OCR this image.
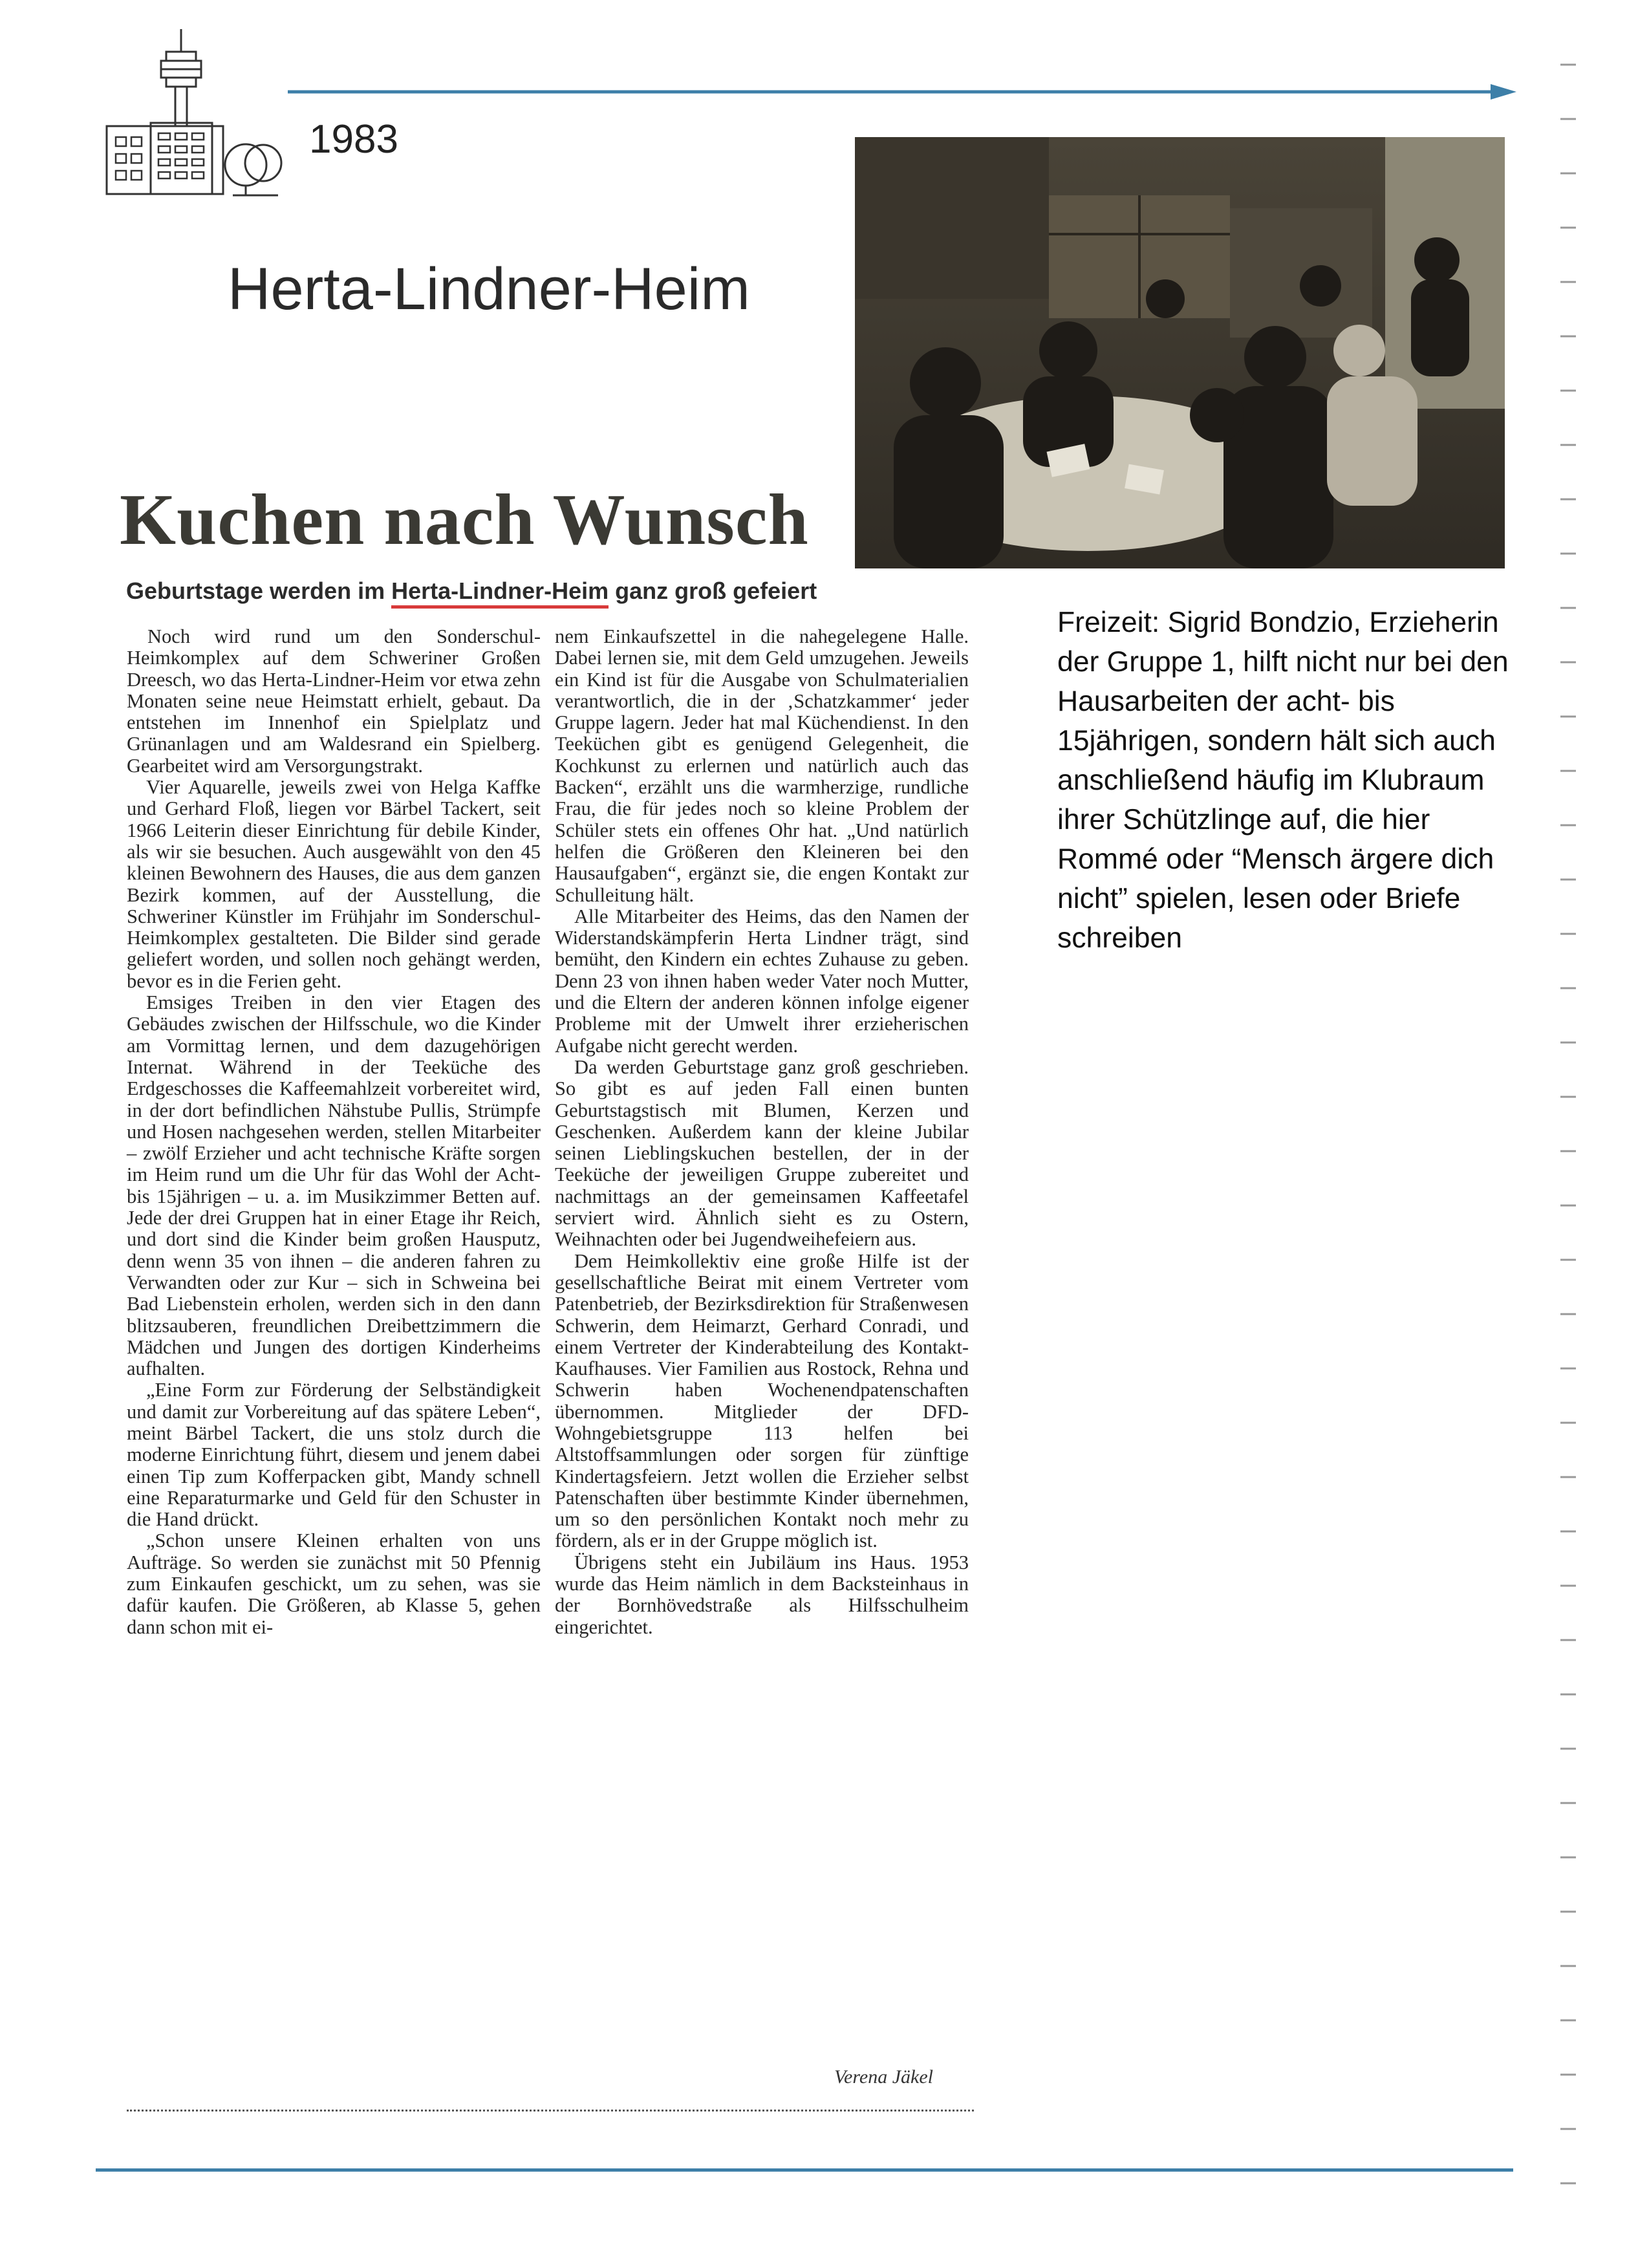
1983
Herta-Lindner-Heim
Kuchen nach Wunsch
Geburtstage werden im Herta-Lindner-Heim ganz groß gefeiert
Freizeit: Sigrid Bondzio, Erzieherin der Gruppe 1, hilft nicht nur bei den Hausarbeiten der acht- bis 15jährigen, sondern hält sich auch anschließend häufig im Klubraum ihrer Schützlinge auf, die hier Rommé oder “Mensch ärgere dich nicht” spielen, lesen oder Briefe schreiben

Noch wird rund um den Sonderschul-Heimkomplex auf dem Schweriner Großen Dreesch, wo das Herta-Lindner-Heim vor etwa zehn Monaten seine neue Heimstatt erhielt, gebaut. Da entstehen im Innenhof ein Spielplatz und Grünanlagen und am Waldesrand ein Spielberg. Gearbeitet wird am Versorgungstrakt.

Vier Aquarelle, jeweils zwei von Helga Kaffke und Gerhard Floß, liegen vor Bärbel Tackert, seit 1966 Leiterin dieser Einrichtung für debile Kinder, als wir sie besuchen. Auch ausgewählt von den 45 kleinen Bewohnern des Hauses, die aus dem ganzen Bezirk kommen, auf der Ausstellung, die Schweriner Künstler im Frühjahr im Sonderschul-Heimkomplex gestalteten. Die Bilder sind gerade geliefert worden, und sollen noch gehängt werden, bevor es in die Ferien geht.

Emsiges Treiben in den vier Etagen des Gebäudes zwischen der Hilfsschule, wo die Kinder am Vormittag lernen, und dem dazugehörigen Internat. Während in der Teeküche des Erdgeschosses die Kaffeemahlzeit vorbereitet wird, in der dort befindlichen Nähstube Pullis, Strümpfe und Hosen nachgesehen werden, stellen Mitarbeiter – zwölf Erzieher und acht technische Kräfte sorgen im Heim rund um die Uhr für das Wohl der Acht- bis 15jährigen – u. a. im Musikzimmer Betten auf. Jede der drei Gruppen hat in einer Etage ihr Reich, und dort sind die Kinder beim großen Hausputz, denn wenn 35 von ihnen – die anderen fahren zu Verwandten oder zur Kur – sich in Schweina bei Bad Liebenstein erholen, werden sich in den dann blitzsauberen, freundlichen Dreibettzimmern die Mädchen und Jungen des dortigen Kinderheims aufhalten.

„Eine Form zur Förderung der Selbständigkeit und damit zur Vorbereitung auf das spätere Leben“, meint Bärbel Tackert, die uns stolz durch die moderne Einrichtung führt, diesem und jenem dabei einen Tip zum Kofferpacken gibt, Mandy schnell eine Reparaturmarke und Geld für den Schuster in die Hand drückt.

„Schon unsere Kleinen erhalten von uns Aufträge. So werden sie zunächst mit 50 Pfennig zum Einkaufen geschickt, um zu sehen, was sie dafür kaufen. Die Größeren, ab Klasse 5, gehen dann schon mit ei-

nem Einkaufszettel in die nahegelegene Halle. Dabei lernen sie, mit dem Geld umzugehen. Jeweils ein Kind ist für die Ausgabe von Schulmaterialien verantwortlich, die in der ‚Schatzkammer‘ jeder Gruppe lagern. Jeder hat mal Küchendienst. In den Teeküchen gibt es genügend Gelegenheit, die Kochkunst zu erlernen und natürlich auch das Backen“, erzählt uns die warmherzige, rundliche Frau, die für jedes noch so kleine Problem der Schüler stets ein offenes Ohr hat. „Und natürlich helfen die Größeren den Kleineren bei den Hausaufgaben“, ergänzt sie, die engen Kontakt zur Schulleitung hält.

Alle Mitarbeiter des Heims, das den Namen der Widerstandskämpferin Herta Lindner trägt, sind bemüht, den Kindern ein echtes Zuhause zu geben. Denn 23 von ihnen haben weder Vater noch Mutter, und die Eltern der anderen können infolge eigener Probleme mit der Umwelt ihrer erzieherischen Aufgabe nicht gerecht werden.

Da werden Geburtstage ganz groß geschrieben. So gibt es auf jeden Fall einen bunten Geburtstagstisch mit Blumen, Kerzen und Geschenken. Außerdem kann der kleine Jubilar seinen Lieblingskuchen bestellen, der in der Teeküche der jeweiligen Gruppe zubereitet und nachmittags an der gemeinsamen Kaffeetafel serviert wird. Ähnlich sieht es zu Ostern, Weihnachten oder bei Jugendweihefeiern aus.

Dem Heimkollektiv eine große Hilfe ist der gesellschaftliche Beirat mit einem Vertreter vom Patenbetrieb, der Bezirksdirektion für Straßenwesen Schwerin, dem Heimarzt, Gerhard Conradi, und einem Vertreter der Kinderabteilung des Kontakt-Kaufhauses. Vier Familien aus Rostock, Rehna und Schwerin haben Wochenendpatenschaften übernommen. Mitglieder der DFD-Wohngebietsgruppe 113 helfen bei Altstoffsammlungen oder sorgen für zünftige Kindertagsfeiern. Jetzt wollen die Erzieher selbst Patenschaften über bestimmte Kinder übernehmen, um so den persönlichen Kontakt noch mehr zu fördern, als er in der Gruppe möglich ist.

Übrigens steht ein Jubiläum ins Haus. 1953 wurde das Heim nämlich in dem Backsteinhaus in der Bornhövedstraße als Hilfsschulheim eingerichtet.

Verena Jäkel
